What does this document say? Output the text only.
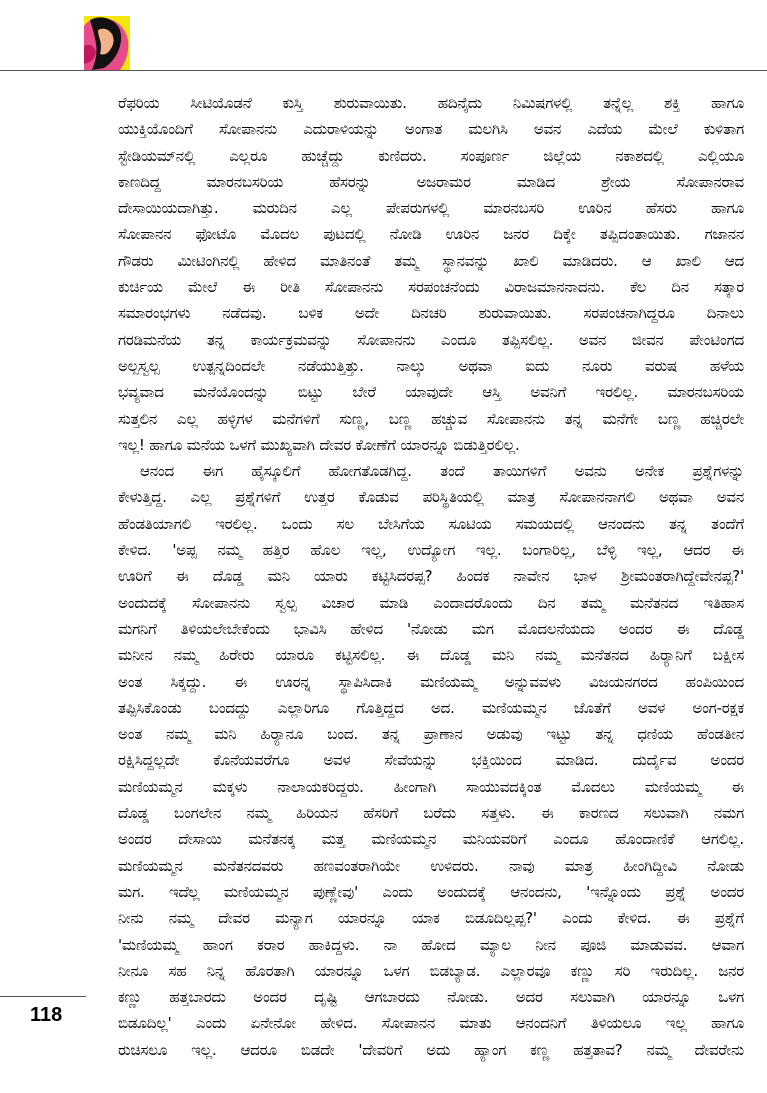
ರೆಫರಿಯ ಸೀಟಿಯೊಡನೆ ಕುಸ್ತಿ ಶುರುವಾಯಿತು. ಹದಿನೈದು ನಿಮಿಷಗಳಲ್ಲಿ ತನ್ನೆಲ್ಲ ಶಕ್ತಿ ಹಾಗೂ
ಯುಕ್ತಿಯೊಂದಿಗೆ ಸೋಪಾನನು ಎದುರಾಳಿಯನ್ನು ಅಂಗಾತ ಮಲಗಿಸಿ ಅವನ ಎದೆಯ ಮೇಲೆ ಕುಳಿತಾಗ
ಸ್ಟೇಡಿಯಮ್‌ನಲ್ಲಿ ಎಲ್ಲರೂ ಹುಚ್ಚೆದ್ದು ಕುಣಿದರು. ಸಂಪೂರ್ಣ ಜಿಲ್ಲೆಯ ನಕಾಶದಲ್ಲಿ ಎಲ್ಲಿಯೂ
ಕಾಣದಿದ್ದ ಮಾರನಬಸರಿಯ ಹೆಸರನ್ನು ಅಜರಾಮರ ಮಾಡಿದ ಶ್ರೇಯ ಸೋಪಾನರಾವ
ದೇಸಾಯಿಯದಾಗಿತ್ತು. ಮರುದಿನ ಎಲ್ಲ ಪೇಪರುಗಳಲ್ಲಿ ಮಾರನಬಸರಿ ಊರಿನ ಹೆಸರು ಹಾಗೂ
ಸೋಪಾನನ ಫೋಟೊ ಮೊದಲ ಪುಟದಲ್ಲಿ ನೋಡಿ ಊರಿನ ಜನರ ದಿಕ್ಕೇ ತಪ್ಪಿದಂತಾಯಿತು. ಗಜಾನನ
ಗೌಡರು ಮೀಟಿಂಗಿನಲ್ಲಿ ಹೇಳಿದ ಮಾತಿನಂತೆ ತಮ್ಮ ಸ್ಥಾನವನ್ನು ಖಾಲಿ ಮಾಡಿದರು. ಆ ಖಾಲಿ ಆದ
ಕುರ್ಚಿಯ ಮೇಲೆ ಈ ರೀತಿ ಸೋಪಾನನು ಸರಪಂಚನೆಂದು ವಿರಾಜಮಾನನಾದನು. ಕೆಲ ದಿನ ಸತ್ಕಾರ
ಸಮಾರಂಭಗಳು ನಡೆದವು. ಬಳಿಕ ಅದೇ ದಿನಚರಿ ಶುರುವಾಯಿತು. ಸರಪಂಚನಾಗಿದ್ದರೂ ದಿನಾಲು
ಗರಡಿಮನೆಯ ತನ್ನ ಕಾರ್ಯಕ್ರಮವನ್ನು ಸೋಪಾನನು ಎಂದೂ ತಪ್ಪಿಸಲಿಲ್ಲ. ಅವನ ಜೀವನ ಪೇಂಟಿಂಗದ
ಅಲ್ಪಸ್ವಲ್ಪ ಉತ್ಪನ್ನದಿಂದಲೇ ನಡೆಯುತ್ತಿತ್ತು. ನಾಲ್ಕು ಅಥವಾ ಐದು ನೂರು ವರುಷ ಹಳೆಯ
ಭವ್ಯವಾದ ಮನೆಯೊಂದನ್ನು ಬಿಟ್ಟು ಬೇರೆ ಯಾವುದೇ ಆಸ್ತಿ ಅವನಿಗೆ ಇರಲಿಲ್ಲ. ಮಾರನಬಸರಿಯ
ಸುತ್ತಲಿನ ಎಲ್ಲ ಹಳ್ಳಿಗಳ ಮನೆಗಳಿಗೆ ಸುಣ್ಣ, ಬಣ್ಣ ಹಚ್ಚುವ ಸೋಪಾನನು ತನ್ನ ಮನೆಗೇ ಬಣ್ಣ ಹಚ್ಚಿರಲೇ
ಇಲ್ಲ! ಹಾಗೂ ಮನೆಯ ಒಳಗೆ ಮುಖ್ಯವಾಗಿ ದೇವರ ಕೋಣೆಗೆ ಯಾರನ್ನೂ ಬಿಡುತ್ತಿರಲಿಲ್ಲ.
ಆನಂದ ಈಗ ಹೈಸ್ಕೂಲಿಗೆ ಹೋಗತೊಡಗಿದ್ದ. ತಂದೆ ತಾಯಿಗಳಿಗೆ ಅವನು ಅನೇಕ ಪ್ರಶ್ನೆಗಳನ್ನು
ಕೇಳುತ್ತಿದ್ದ. ಎಲ್ಲ ಪ್ರಶ್ನೆಗಳಿಗೆ ಉತ್ತರ ಕೊಡುವ ಪರಿಸ್ಥಿತಿಯಲ್ಲಿ ಮಾತ್ರ ಸೋಪಾನನಾಗಲಿ ಅಥವಾ ಅವನ
ಹೆಂಡತಿಯಾಗಲಿ ಇರಲಿಲ್ಲ. ಒಂದು ಸಲ ಬೇಸಿಗೆಯ ಸೂಟಿಯ ಸಮಯದಲ್ಲಿ ಆನಂದನು ತನ್ನ ತಂದೆಗೆ
ಕೇಳಿದ. 'ಅಪ್ಪ ನಮ್ಮ ಹತ್ತಿರ ಹೊಲ ಇಲ್ಲ, ಉದ್ಯೋಗ ಇಲ್ಲ. ಬಂಗಾರಿಲ್ಲ, ಬೆಳ್ಳಿ ಇಲ್ಲ, ಆದರ ಈ
ಊರಿಗೆ ಈ ದೊಡ್ಡ ಮನಿ ಯಾರು ಕಟ್ಟಿಸಿದರಪ್ಪ? ಹಿಂದಕ ನಾವೇನ ಭಾಳ ಶ್ರೀಮಂತರಾಗಿದ್ದೇವೇನಪ್ಪ?'
ಅಂದುದಕ್ಕೆ ಸೋಪಾನನು ಸ್ವಲ್ಪ ವಿಚಾರ ಮಾಡಿ ಎಂದಾದರೊಂದು ದಿನ ತಮ್ಮ ಮನೆತನದ ಇತಿಹಾಸ
ಮಗನಿಗೆ ತಿಳಿಯಲೇಬೇಕೆಂದು ಭಾವಿಸಿ ಹೇಳಿದ 'ನೋಡು ಮಗ ಮೊದಲನೆಯದು ಅಂದರ ಈ ದೊಡ್ಡ
ಮನೀನ ನಮ್ಮ ಹಿರೇರು ಯಾರೂ ಕಟ್ಟಿಸಲಿಲ್ಲ. ಈ ದೊಡ್ಡ ಮನಿ ನಮ್ಮ ಮನೆತನದ ಹಿರ್‍ಯಾನಿಗೆ ಬಕ್ಷೀಸ
ಅಂತ ಸಿಕ್ಕದ್ದು. ಈ ಊರನ್ನ ಸ್ಥಾಪಿಸಿದಾಕಿ ಮಣಿಯಮ್ಮ ಅನ್ನುವವಳು ವಿಜಯನಗರದ ಹಂಪಿಯಿಂದ
ತಪ್ಪಿಸಿಕೊಂಡು ಬಂದದ್ದು ಎಲ್ಲಾರಿಗೂ ಗೊತ್ತಿದ್ದದ ಅದ. ಮಣಿಯಮ್ಮನ ಜೊತೆಗೆ ಅವಳ ಅಂಗ-ರಕ್ಷಕ
ಅಂತ ನಮ್ಮ ಮನಿ ಹಿರ್‍ಯಾನೂ ಬಂದ. ತನ್ನ ಪ್ರಾಣಾನ ಅಡುವು ಇಟ್ಟು ತನ್ನ ಧಣಿಯ ಹೆಂಡತೀನ
ರಕ್ಷಿಸಿದ್ದಲ್ಲದೇ ಕೊನೆಯವರೆಗೂ ಅವಳ ಸೇವೆಯನ್ನು ಭಕ್ತಿಯಿಂದ ಮಾಡಿದ. ದುರ್ದೈವ ಅಂದರ
ಮಣಿಯಮ್ಮನ ಮಕ್ಕಳು ನಾಲಾಯಕರಿದ್ದರು. ಹೀಂಗಾಗಿ ಸಾಯುವದಕ್ಕಿಂತ ಮೊದಲು ಮಣಿಯಮ್ಮ ಈ
ದೊಡ್ಡ ಬಂಗಲೇನ ನಮ್ಮ ಹಿರಿಯನ ಹೆಸರಿಗೆ ಬರೆದು ಸತ್ತಳು. ಈ ಕಾರಣದ ಸಲುವಾಗಿ ನಮಗ
ಅಂದರ ದೇಸಾಯಿ ಮನೆತನಕ್ಕ ಮತ್ತ ಮಣಿಯಮ್ಮನ ಮನಿಯವರಿಗೆ ಎಂದೂ ಹೊಂದಾಣಿಕೆ ಆಗಲಿಲ್ಲ.
ಮಣಿಯಮ್ಮನ ಮನೆತನದವರು ಹಣವಂತರಾಗಿಯೇ ಉಳಿದರು. ನಾವು ಮಾತ್ರ ಹೀಂಗಿದ್ದೀವಿ ನೋಡು
ಮಗ. ಇದೆಲ್ಲ ಮಣಿಯಮ್ಮನ ಪುಣ್ಣೇವು' ಎಂದು ಅಂದುದಕ್ಕೆ ಆನಂದನು, 'ಇನ್ನೊಂದು ಪ್ರಶ್ನೆ ಅಂದರ
ನೀನು ನಮ್ಮ ದೇವರ ಮನ್ಯಾಗ ಯಾರನ್ನೂ ಯಾಕ ಬಿಡೂದಿಲ್ಲಪ್ಪ?' ಎಂದು ಕೇಳಿದ. ಈ ಪ್ರಶ್ನೆಗೆ
'ಮಣಿಯಮ್ಮ ಹಾಂಗ ಕರಾರ ಹಾಕಿದ್ದಳು. ನಾ ಹೋದ ಮ್ಯಾಲ ನೀನ ಪೂಜಿ ಮಾಡುವವ. ಆವಾಗ
ನೀನೂ ಸಹ ನಿನ್ನ ಹೊರತಾಗಿ ಯಾರನ್ನೂ ಒಳಗ ಬಿಡಬ್ಯಾಡ. ಎಲ್ಲಾರವೂ ಕಣ್ಣು ಸರಿ ಇರುದಿಲ್ಲ. ಜನರ
ಕಣ್ಣು ಹತ್ತಬಾರದು ಅಂದರ ದೃಷ್ಟಿ ಆಗಬಾರದು ನೋಡು. ಅದರ ಸಲುವಾಗಿ ಯಾರನ್ನೂ ಒಳಗ
ಬಿಡೂದಿಲ್ಲ' ಎಂದು ಏನೇನೋ ಹೇಳಿದ. ಸೋಪಾನನ ಮಾತು ಆನಂದನಿಗೆ ತಿಳಿಯಲೂ ಇಲ್ಲ ಹಾಗೂ
ರುಚಿಸಲೂ ಇಲ್ಲ. ಆದರೂ ಬಿಡದೇ 'ದೇವರಿಗೆ ಅದು ಹ್ಯಾಂಗ ಕಣ್ಣ ಹತ್ತತಾವ? ನಮ್ಮ ದೇವರೇನು
118
